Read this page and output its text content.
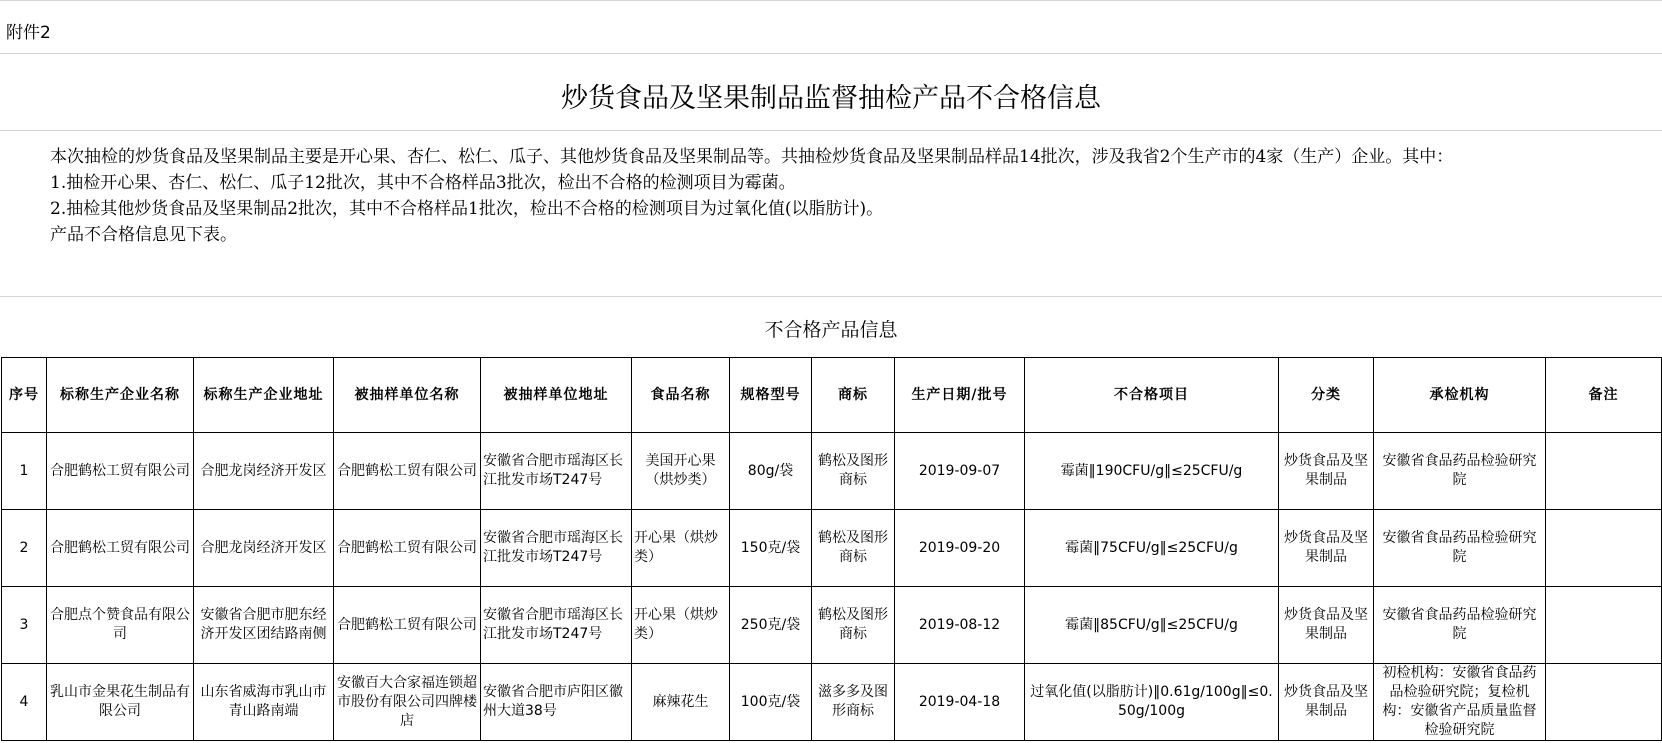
附件2
炒货食品及坚果制品监督抽检产品不合格信息

本次抽检的炒货食品及坚果制品主要是开心果、杏仁、松仁、瓜子、其他炒货食品及坚果制品等。共抽检炒货食品及坚果制品样品14批次，涉及我省2个生产市的4家（生产）企业。其中：

1.抽检开心果、杏仁、松仁、瓜子12批次，其中不合格样品3批次，检出不合格的检测项目为霉菌。

2.抽检其他炒货食品及坚果制品2批次，其中不合格样品1批次，检出不合格的检测项目为过氧化值(以脂肪计)。

产品不合格信息见下表。

不合格产品信息
序号	标称生产企业名称	标称生产企业地址	被抽样单位名称	被抽样单位地址	食品名称	规格型号	商标	生产日期/批号	不合格项目	分类	承检机构	备注
1	合肥鹤松工贸有限公司	合肥龙岗经济开发区	合肥鹤松工贸有限公司	安徽省合肥市瑶海区长江批发市场T247号	美国开心果（烘炒类）	80g/袋	鹤松及图形商标	2019-09-07	霉菌‖190CFU/g‖≤25CFU/g	炒货食品及坚果制品	安徽省食品药品检验研究院	
2	合肥鹤松工贸有限公司	合肥龙岗经济开发区	合肥鹤松工贸有限公司	安徽省合肥市瑶海区长江批发市场T247号	开心果（烘炒类）	150克/袋	鹤松及图形商标	2019-09-20	霉菌‖75CFU/g‖≤25CFU/g	炒货食品及坚果制品	安徽省食品药品检验研究院	
3	合肥点个赞食品有限公司	安徽省合肥市肥东经济开发区团结路南侧	合肥鹤松工贸有限公司	安徽省合肥市瑶海区长江批发市场T247号	开心果（烘炒类）	250克/袋	鹤松及图形商标	2019-08-12	霉菌‖85CFU/g‖≤25CFU/g	炒货食品及坚果制品	安徽省食品药品检验研究院	
4	乳山市金果花生制品有限公司	山东省威海市乳山市青山路南端	安徽百大合家福连锁超市股份有限公司四牌楼店	安徽省合肥市庐阳区徽州大道38号	麻辣花生	100克/袋	滋多多及图形商标	2019-04-18	过氧化值(以脂肪计)‖0.61g/100g‖≤0.50g/100g	炒货食品及坚果制品	初检机构：安徽省食品药品检验研究院；复检机构：安徽省产品质量监督检验研究院	
